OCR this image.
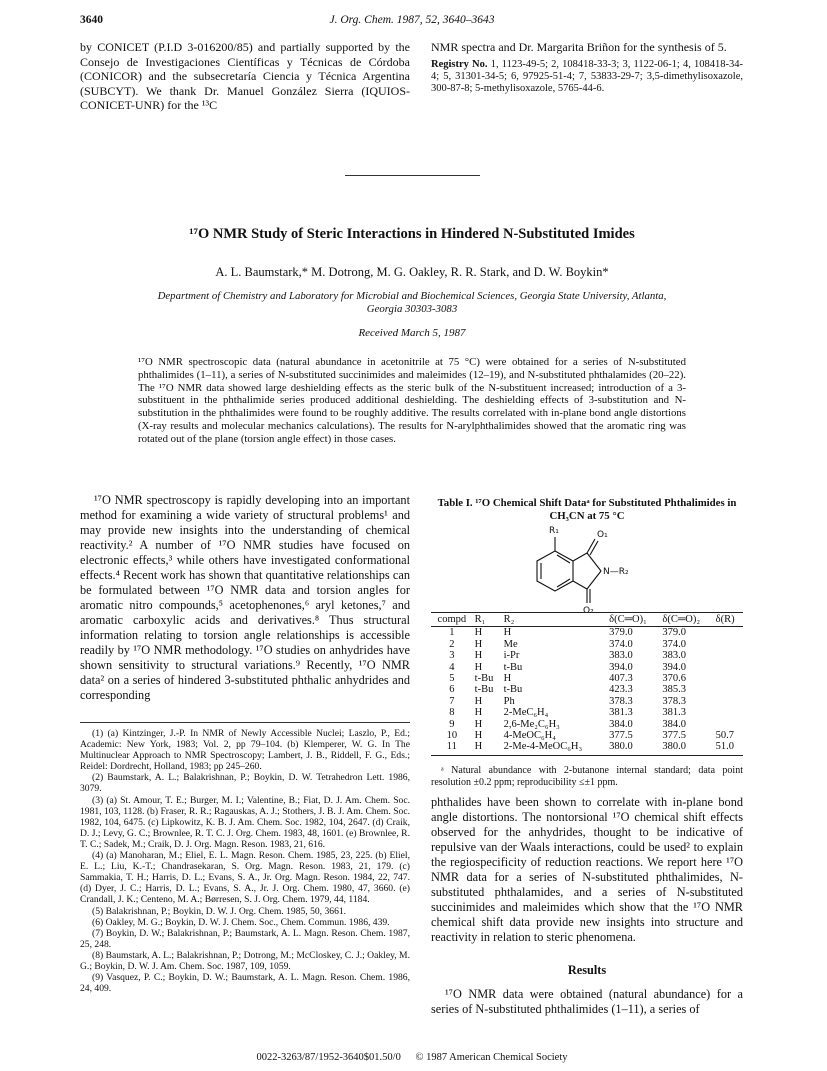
3640	J. Org. Chem. 1987, 52, 3640–3643
by CONICET (P.I.D 3-016200/85) and partially supported by the Consejo de Investigaciones Científicas y Técnicas de Córdoba (CONICOR) and the subsecretaría Ciencia y Técnica Argentina (SUBCYT). We thank Dr. Manuel González Sierra (IQUIOS-CONICET-UNR) for the ¹³C
NMR spectra and Dr. Margarita Briñon for the synthesis of 5.
Registry No. 1, 1123-49-5; 2, 108418-33-3; 3, 1122-06-1; 4, 108418-34-4; 5, 31301-34-5; 6, 97925-51-4; 7, 53833-29-7; 3,5-dimethylisoxazole, 300-87-8; 5-methylisoxazole, 5765-44-6.
¹⁷O NMR Study of Steric Interactions in Hindered N-Substituted Imides
A. L. Baumstark,* M. Dotrong, M. G. Oakley, R. R. Stark, and D. W. Boykin*
Department of Chemistry and Laboratory for Microbial and Biochemical Sciences, Georgia State University, Atlanta, Georgia 30303-3083
Received March 5, 1987
¹⁷O NMR spectroscopic data (natural abundance in acetonitrile at 75 °C) were obtained for a series of N-substituted phthalimides (1–11), a series of N-substituted succinimides and maleimides (12–19), and N-substituted phthalamides (20–22). The ¹⁷O NMR data showed large deshielding effects as the steric bulk of the N-substituent increased; introduction of a 3-substituent in the phthalimide series produced additional deshielding. The deshielding effects of 3-substitution and N-substitution in the phthalimides were found to be roughly additive. The results correlated with in-plane bond angle distortions (X-ray results and molecular mechanics calculations). The results for N-arylphthalimides showed that the aromatic ring was rotated out of the plane (torsion angle effect) in those cases.
¹⁷O NMR spectroscopy is rapidly developing into an important method for examining a wide variety of structural problems¹ and may provide new insights into the understanding of chemical reactivity.² A number of ¹⁷O NMR studies have focused on electronic effects,³ while others have investigated conformational effects.⁴ Recent work has shown that quantitative relationships can be formulated between ¹⁷O NMR data and torsion angles for aromatic nitro compounds,⁵ acetophenones,⁶ aryl ketones,⁷ and aromatic carboxylic acids and derivatives.⁸ Thus structural information relating to torsion angle relationships is accessible readily by ¹⁷O NMR methodology. ¹⁷O studies on anhydrides have shown sensitivity to structural variations.⁹ Recently, ¹⁷O NMR data² on a series of hindered 3-substituted phthalic anhydrides and corresponding

(1) (a) Kintzinger, J.-P. In NMR of Newly Accessible Nuclei; Laszlo, P., Ed.; Academic: New York, 1983; Vol. 2, pp 79–104. (b) Klemperer, W. G. In The Multinuclear Approach to NMR Spectroscopy; Lambert, J. B., Riddell, F. G., Eds.; Reidel: Dordrecht, Holland, 1983; pp 245–260.

(2) Baumstark, A. L.; Balakrishnan, P.; Boykin, D. W. Tetrahedron Lett. 1986, 3079.

(3) (a) St. Amour, T. E.; Burger, M. I.; Valentine, B.; Fiat, D. J. Am. Chem. Soc. 1981, 103, 1128. (b) Fraser, R. R.; Ragauskas, A. J.; Stothers, J. B. J. Am. Chem. Soc. 1982, 104, 6475. (c) Lipkowitz, K. B. J. Am. Chem. Soc. 1982, 104, 2647. (d) Craik, D. J.; Levy, G. C.; Brownlee, R. T. C. J. Org. Chem. 1983, 48, 1601. (e) Brownlee, R. T. C.; Sadek, M.; Craik, D. J. Org. Magn. Reson. 1983, 21, 616.

(4) (a) Manoharan, M.; Eliel, E. L. Magn. Reson. Chem. 1985, 23, 225. (b) Eliel, E. L.; Liu, K.-T.; Chandrasekaran, S. Org. Magn. Reson. 1983, 21, 179. (c) Sammakia, T. H.; Harris, D. L.; Evans, S. A., Jr. Org. Magn. Reson. 1984, 22, 747. (d) Dyer, J. C.; Harris, D. L.; Evans, S. A., Jr. J. Org. Chem. 1980, 47, 3660. (e) Crandall, J. K.; Centeno, M. A.; Børresen, S. J. Org. Chem. 1979, 44, 1184.

(5) Balakrishnan, P.; Boykin, D. W. J. Org. Chem. 1985, 50, 3661.

(6) Oakley, M. G.; Boykin, D. W. J. Chem. Soc., Chem. Commun. 1986, 439.

(7) Boykin, D. W.; Balakrishnan, P.; Baumstark, A. L. Magn. Reson. Chem. 1987, 25, 248.

(8) Baumstark, A. L.; Balakrishnan, P.; Dotrong, M.; McCloskey, C. J.; Oakley, M. G.; Boykin, D. W. J. Am. Chem. Soc. 1987, 109, 1059.

(9) Vasquez, P. C.; Boykin, D. W.; Baumstark, A. L. Magn. Reson. Chem. 1986, 24, 409.

Table I. ¹⁷O Chemical Shift Dataᵃ for Substituted Phthalimides in CH₃CN at 75 °C
R₁	O₁
N—R₂
O₂
compd	R₁	R₂	δ(C═O)₁	δ(C═O)₂	δ(R)
1	H	H	379.0	379.0	
2	H	Me	374.0	374.0	
3	H	i-Pr	383.0	383.0	
4	H	t-Bu	394.0	394.0	
5	t-Bu	H	407.3	370.6	
6	t-Bu	t-Bu	423.3	385.3	
7	H	Ph	378.3	378.3	
8	H	2-MeC₆H₄	381.3	381.3	
9	H	2,6-Me₂C₆H₃	384.0	384.0	
10	H	4-MeOC₆H₄	377.5	377.5	50.7
11	H	2-Me-4-MeOC₆H₃	380.0	380.0	51.0
ᵃ Natural abundance with 2-butanone internal standard; data point resolution ±0.2 ppm; reproducibility ≤±1 ppm.
phthalides have been shown to correlate with in-plane bond angle distortions. The nontorsional ¹⁷O chemical shift effects observed for the anhydrides, thought to be indicative of repulsive van der Waals interactions, could be used² to explain the regiospecificity of reduction reactions. We report here ¹⁷O NMR data for a series of N-substituted phthalimides, N-substituted phthalamides, and a series of N-substituted succinimides and maleimides which show that the ¹⁷O NMR chemical shift data provide new insights into structure and reactivity in relation to steric phenomena.
Results
¹⁷O NMR data were obtained (natural abundance) for a series of N-substituted phthalimides (1–11), a series of
0022-3263/87/1952-3640$01.50/0 © 1987 American Chemical Society
